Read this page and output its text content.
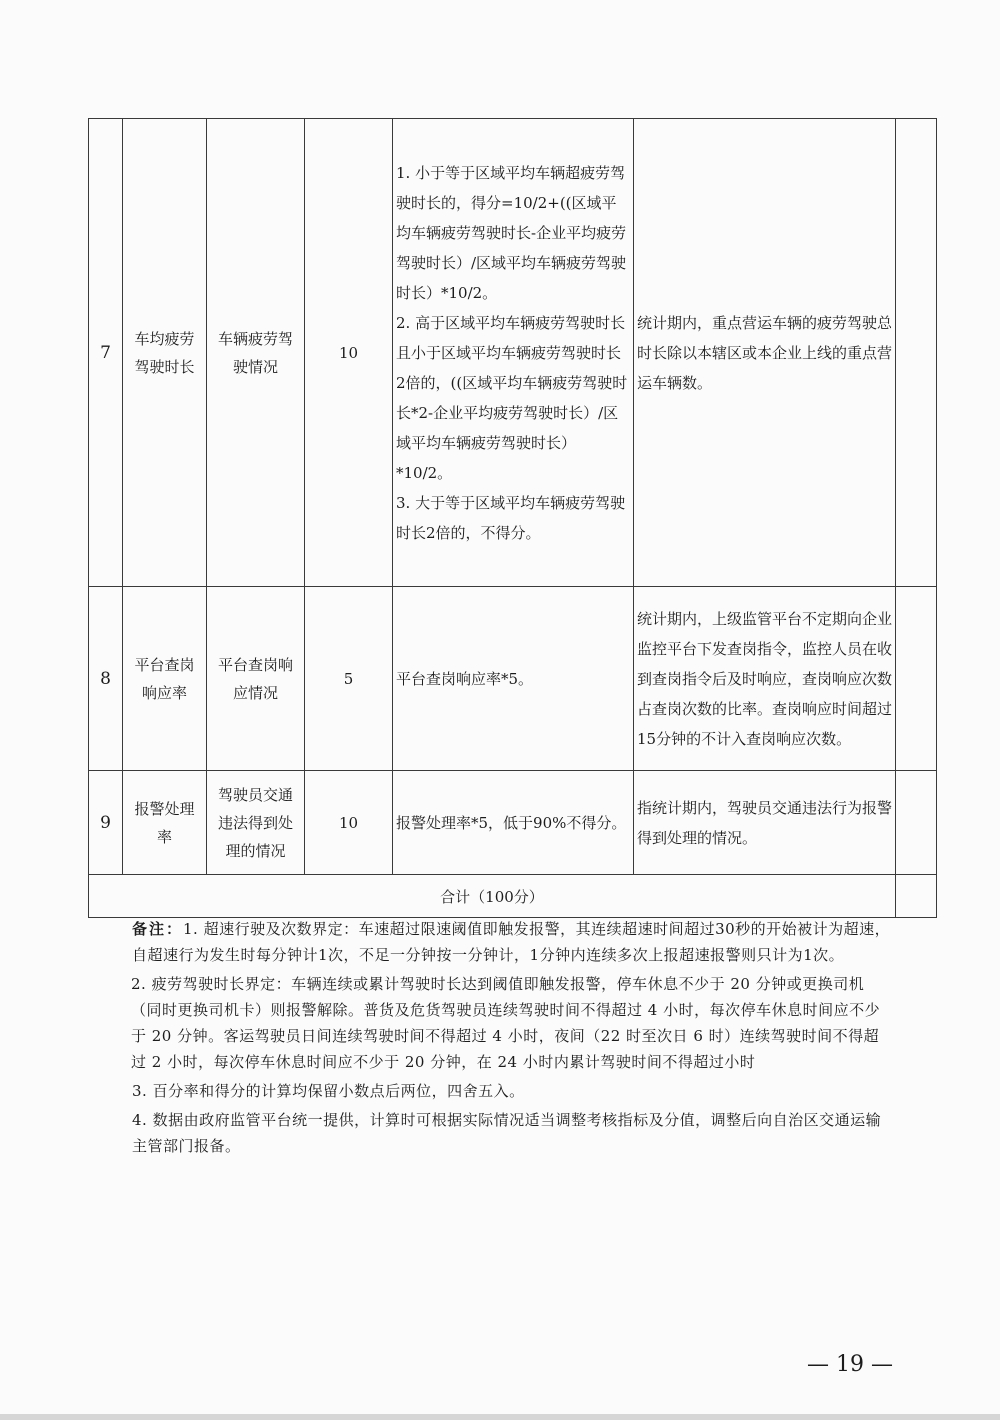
7	车均疲劳驾驶时长	车辆疲劳驾驶情况	10	1. 小于等于区域平均车辆超疲劳驾驶时长的，得分=10/2+((区域平均车辆疲劳驾驶时长-企业平均疲劳驾驶时长）/区域平均车辆疲劳驾驶时长）*10/2。
2. 高于区域平均车辆疲劳驾驶时长且小于区域平均车辆疲劳驾驶时长2倍的，((区域平均车辆疲劳驾驶时长*2-企业平均疲劳驾驶时长）/区域平均车辆疲劳驾驶时长）*10/2。
3. 大于等于区域平均车辆疲劳驾驶时长2倍的，不得分。	统计期内，重点营运车辆的疲劳驾驶总时长除以本辖区或本企业上线的重点营运车辆数。	
8	平台查岗响应率	平台查岗响应情况	5	平台查岗响应率*5。	统计期内，上级监管平台不定期向企业监控平台下发查岗指令，监控人员在收到查岗指令后及时响应，查岗响应次数占查岗次数的比率。查岗响应时间超过15分钟的不计入查岗响应次数。	
9	报警处理率	驾驶员交通违法得到处理的情况	10	报警处理率*5，低于90%不得分。	指统计期内，驾驶员交通违法行为报警得到处理的情况。	
合计（100分）						

备注：1. 超速行驶及次数界定：车速超过限速阈值即触发报警，其连续超速时间超过30秒的开始被计为超速，自超速行为发生时每分钟计1次，不足一分钟按一分钟计，1分钟内连续多次上报超速报警则只计为1次。

2. 疲劳驾驶时长界定：车辆连续或累计驾驶时长达到阈值即触发报警，停车休息不少于 20 分钟或更换司机（同时更换司机卡）则报警解除。普货及危货驾驶员连续驾驶时间不得超过 4 小时，每次停车休息时间应不少于 20 分钟。客运驾驶员日间连续驾驶时间不得超过 4 小时，夜间（22 时至次日 6 时）连续驾驶时间不得超过 2 小时，每次停车休息时间应不少于 20 分钟，在 24 小时内累计驾驶时间不得超过小时

3. 百分率和得分的计算均保留小数点后两位，四舍五入。

4. 数据由政府监管平台统一提供，计算时可根据实际情况适当调整考核指标及分值，调整后向自治区交通运输主管部门报备。

— 19 —
